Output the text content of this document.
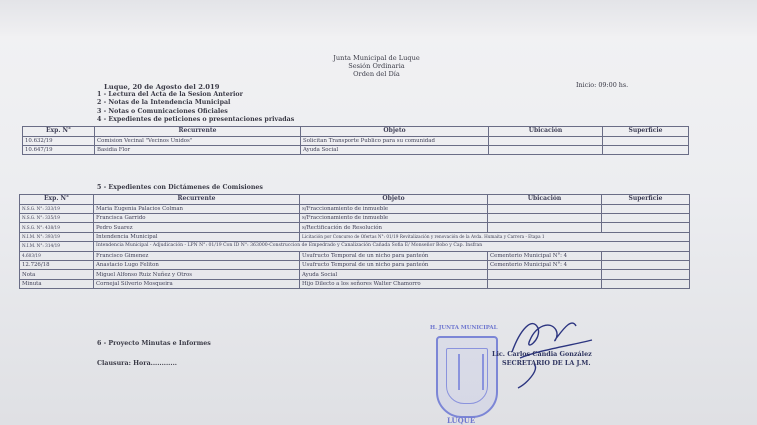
Junta Municipal de Luque
Sesión Ordinaria
Orden del Día
Luque, 20 de Agosto del 2.019	Inicio: 09:00 hs.
1 - Lectura del Acta de la Sesion Anterior
2 - Notas de la Intendencia Municipal
3 - Notas o Comunicaciones Oficiales
4 - Expedientes de peticiones o presentaciones privadas
Exp. N°	Recurrente	Objeto	Ubicación	Superficie
10.632/19	Comision Vecinal "Vecinos Unidos"	Solicitan Transporte Publico para su comunidad		
10.647/19	Basidia Flor	Ayuda Social		
5 - Expedientes con Dictámenes de Comisiones
Exp. N°	Recurrente	Objeto	Ubicación	Superficie
N.S.G. N°: 333/19	Maria Eugenia Palacios Colman	s/Fraccionamiento de inmueble		
N.S.G. N°: 335/19	Francisca Garrido	s/Fraccionamiento de inmueble		
N.S.G. N°: 438/19	Pedro Suarez	s/Rectificación de Resolución		
N.I.M. N°: 393/19	Intendencia Municipal	Licitación por Concurso de Ofertas N°: 01/19 Revitalización y renovación de la Avda. Humaita y Carrera - Etapa 1		
N.I.M. N°: 314/19	Intendencia Municipal - Adjudicación - LPN N°: 01/19 Con ID N°: 363000-Construccion de Empedrado y Canalización Cañada Sofia E/ Monseñor Bobo y Cap. Insfran			
4.603/19	Francisco Gimenez	Usufructo Temporal de un nicho para panteón	Cementerio Municipal N°: 4	
12.726/18	Anastacio Lugo Feliton	Usufructo Temporal de un nicho para panteón	Cementerio Municipal N°: 4	
Nota	Miguel Alfonso Ruiz Nuñez y Otros	Ayuda Social		
Minuta	Cornejal Silverio Mosqueira	Hijo Dilecto a los señores Walter Chamorro		
6 - Proyecto Minutas e Informes
Clausura: Hora............
H. JUNTA MUNICIPAL
LUQUE
Lic. Carlos Candia González
SECRETARIO DE LA J.M.
